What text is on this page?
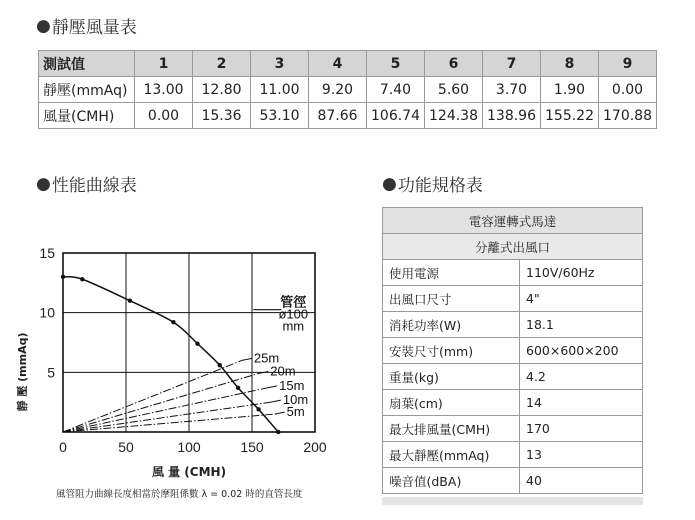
● 靜壓風量表
● 性能曲線表	● 功能規格表
測試值	1	2	3	4	5	6	7	8	9
靜壓(mmAq)	13.00	12.80	11.00	9.20	7.40	5.60	3.70	1.90	0.00
風量(CMH)	0.00	15.36	53.10	87.66	106.74	124.38	138.96	155.22	170.88
0	50	100	150	200
5
10
15
25m
20m
15m
10m
5m
管徑
ø100
mm
靜 壓 (mmAq)
風 量 (CMH)
風管阻力曲線長度相當於摩阻係數 λ = 0.02 時的直管長度
電容運轉式馬達	
分離式出風口	
使用電源	110V/60Hz
出風口尺寸	4"
消耗功率(W)	18.1
安裝尺寸(mm)	600×600×200
重量(kg)	4.2
扇葉(cm)	14
最大排風量(CMH)	170
最大靜壓(mmAq)	13
噪音值(dBA)	40
